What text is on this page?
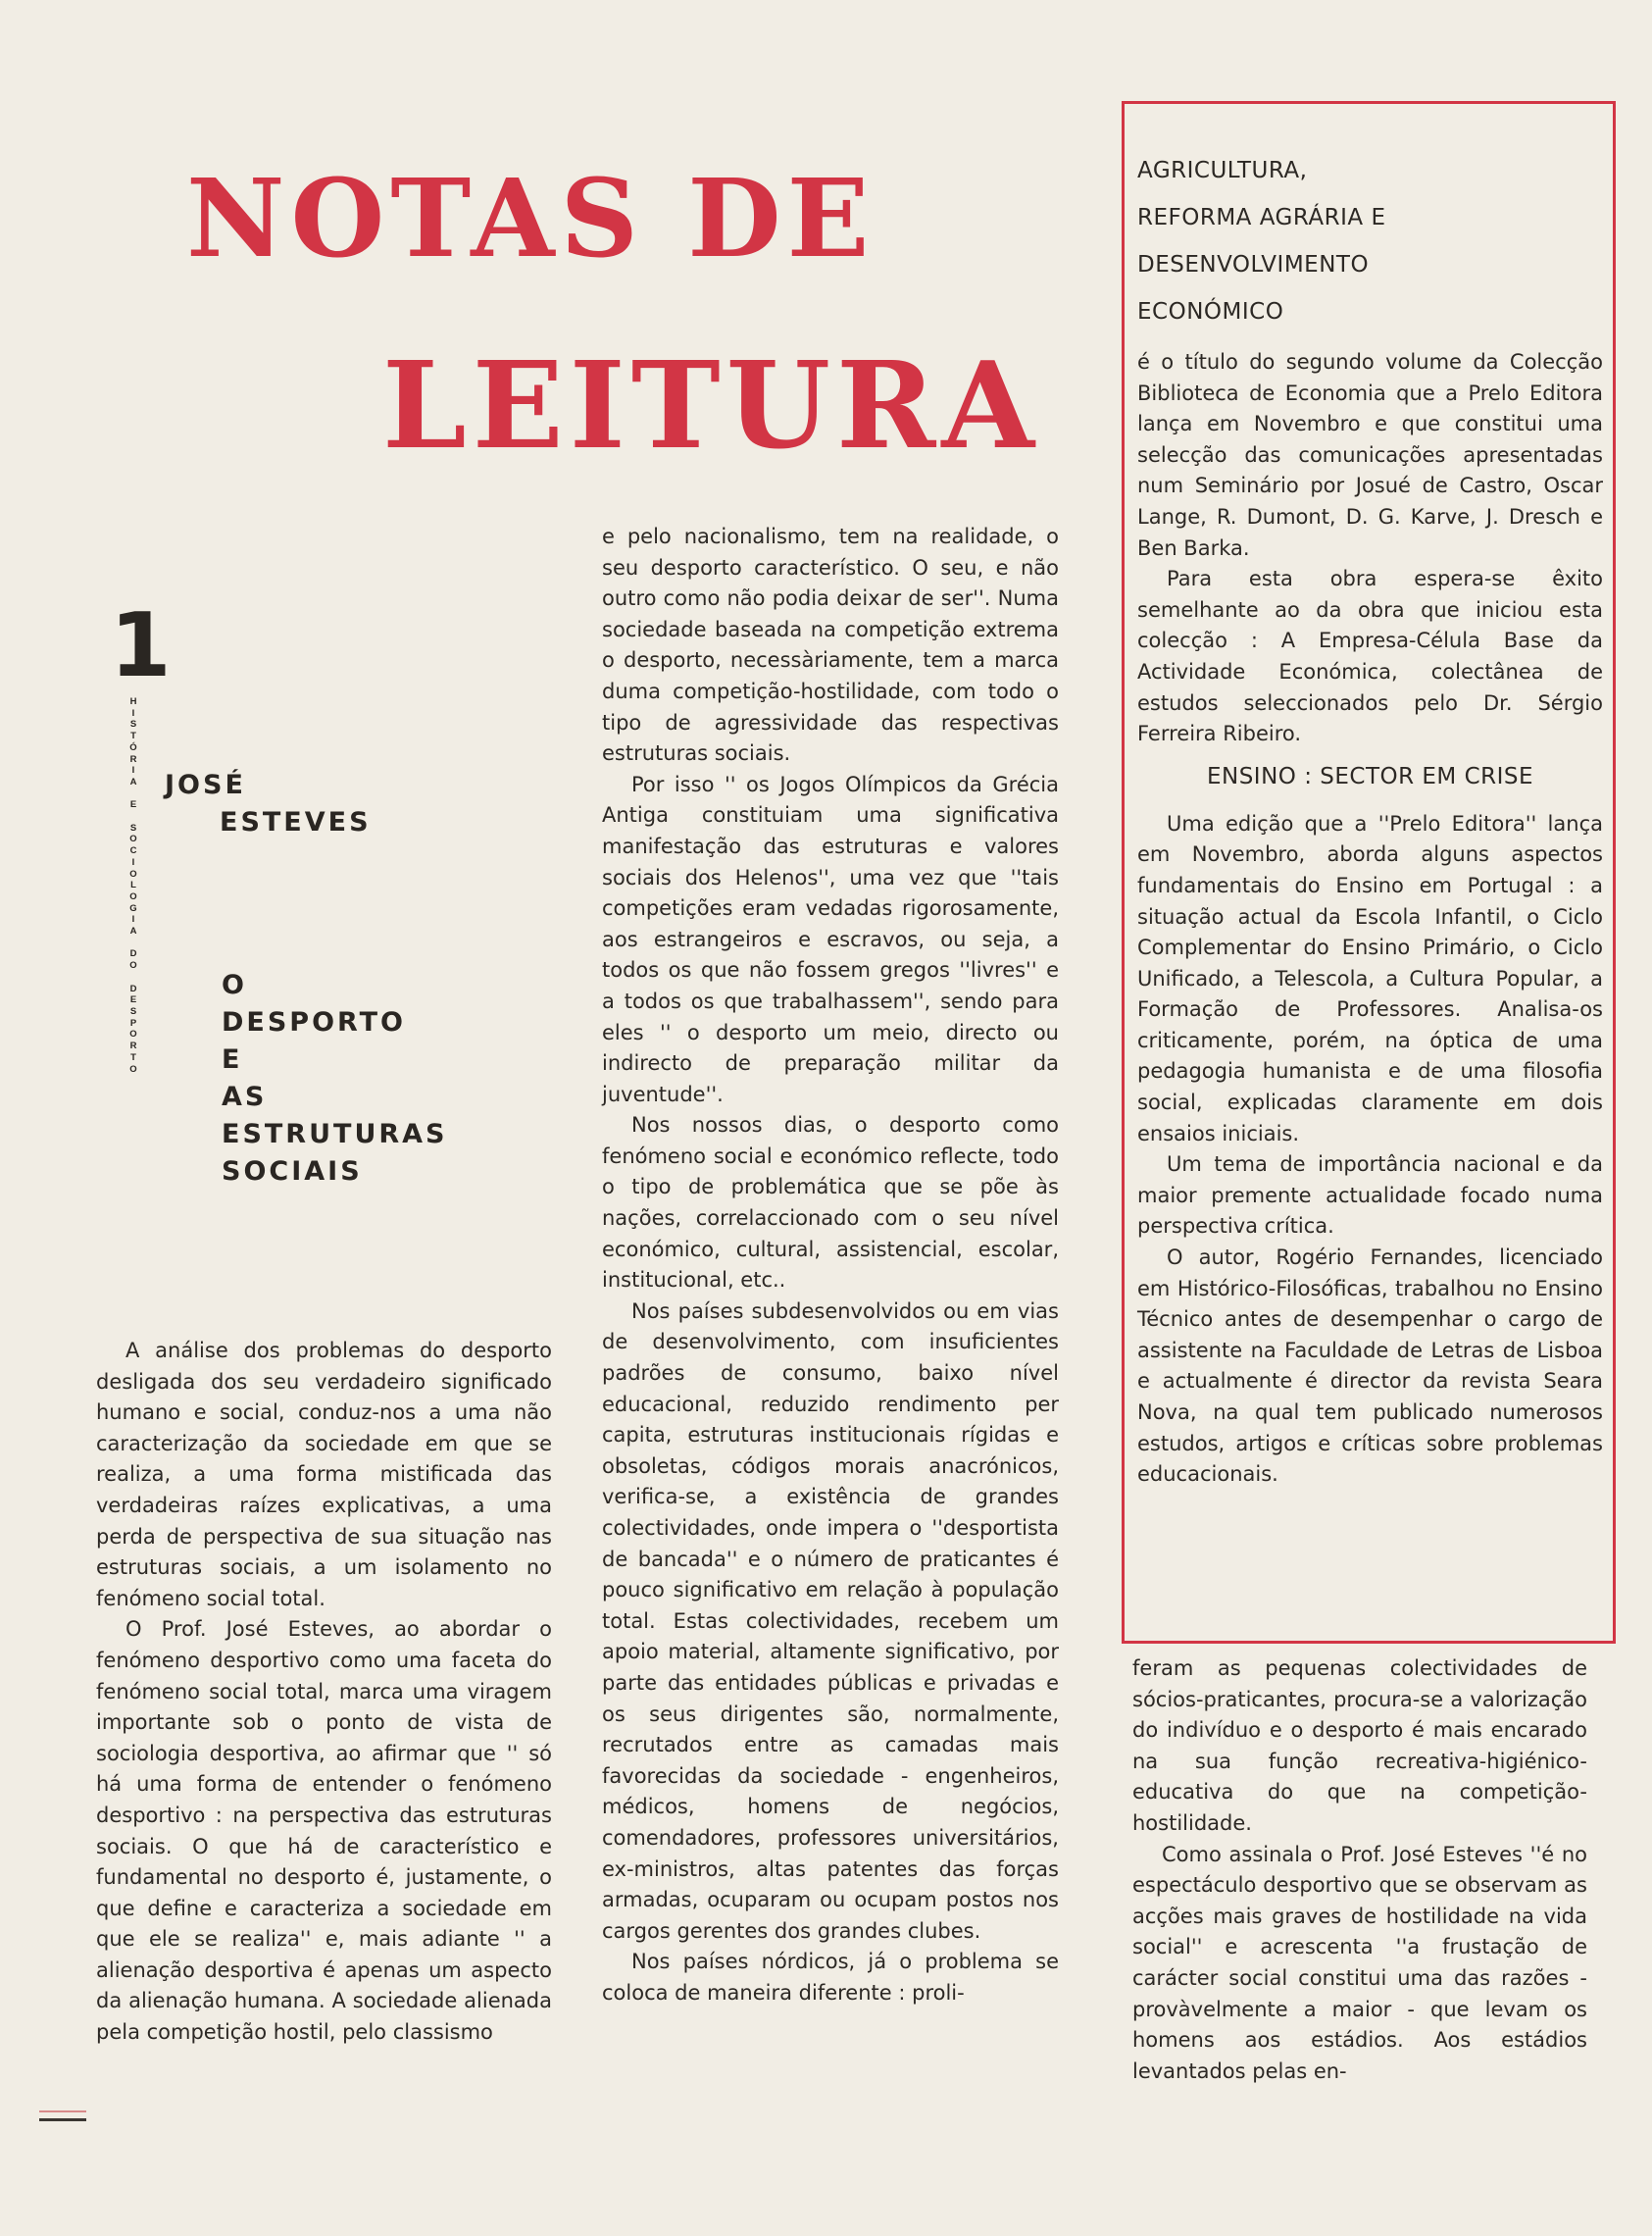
NOTAS DE
LEITURA
1
H
I
S
T
Ó
R
I
A

E

S
O
C
I
O
L
O
G
I
A

D
O

D
E
S
P
O
R
T
O
JOSÉ
ESTEVES
O
DESPORTO
E
AS
ESTRUTURAS
SOCIAIS

A análise dos problemas do desporto desligada dos seu verdadeiro significado humano e social, conduz-nos a uma não caracterização da sociedade em que se realiza, a uma forma mistificada das verdadeiras raízes explicativas, a uma perda de perspectiva de sua situação nas estruturas sociais, a um isolamento no fenómeno social total.

O Prof. José Esteves, ao abordar o fenómeno desportivo como uma faceta do fenómeno social total, marca uma viragem importante sob o ponto de vista de sociologia desportiva, ao afirmar que '' só há uma forma de entender o fenómeno desportivo : na perspectiva das estruturas sociais. O que há de característico e fundamental no desporto é, justamente, o que define e caracteriza a sociedade em que ele se realiza'' e, mais adiante '' a alienação desportiva é apenas um aspecto da alienação humana. A sociedade alienada pela competição hostil, pelo classismo

e pelo nacionalismo, tem na realidade, o seu desporto característico. O seu, e não outro como não podia deixar de ser''. Numa sociedade baseada na competição extrema o desporto, necessàriamente, tem a marca duma competição-hostilidade, com todo o tipo de agressividade das respectivas estruturas sociais.

Por isso '' os Jogos Olímpicos da Grécia Antiga constituiam uma significativa manifestação das estruturas e valores sociais dos Helenos'', uma vez que ''tais competições eram vedadas rigorosamente, aos estrangeiros e escravos, ou seja, a todos os que não fossem gregos ''livres'' e a todos os que trabalhassem'', sendo para eles '' o desporto um meio, directo ou indirecto de preparação militar da juventude''.

Nos nossos dias, o desporto como fenómeno social e económico reflecte, todo o tipo de problemática que se põe às nações, correlaccionado com o seu nível económico, cultural, assistencial, escolar, institucional, etc..

Nos países subdesenvolvidos ou em vias de desenvolvimento, com insuficientes padrões de consumo, baixo nível educacional, reduzido rendimento per capita, estruturas institucionais rígidas e obsoletas, códigos morais anacrónicos, verifica-se, a existência de grandes colectividades, onde impera o ''desportista de bancada'' e o número de praticantes é pouco significativo em relação à população total. Estas colectividades, recebem um apoio material, altamente significativo, por parte das entidades públicas e privadas e os seus dirigentes são, normalmente, recrutados entre as camadas mais favorecidas da sociedade - engenheiros, médicos, homens de negócios, comendadores, professores universitários, ex-ministros, altas patentes das forças armadas, ocuparam ou ocupam postos nos cargos gerentes dos grandes clubes.

Nos países nórdicos, já o problema se coloca de maneira diferente : proli-

AGRICULTURA,
REFORMA AGRÁRIA E
DESENVOLVIMENTO
ECONÓMICO

é o título do segundo volume da Colecção Biblioteca de Economia que a Prelo Editora lança em Novembro e que constitui uma selecção das comunicações apresentadas num Seminário por Josué de Castro, Oscar Lange, R. Dumont, D. G. Karve, J. Dresch e Ben Barka.

Para esta obra espera-se êxito semelhante ao da obra que iniciou esta colecção : A Empresa-Célula Base da Actividade Económica, colectânea de estudos seleccionados pelo Dr. Sérgio Ferreira Ribeiro.

ENSINO : SECTOR EM CRISE

Uma edição que a ''Prelo Editora'' lança em Novembro, aborda alguns aspectos fundamentais do Ensino em Portugal : a situação actual da Escola Infantil, o Ciclo Complementar do Ensino Primário, o Ciclo Unificado, a Telescola, a Cultura Popular, a Formação de Professores. Analisa-os criticamente, porém, na óptica de uma pedagogia humanista e de uma filosofia social, explicadas claramente em dois ensaios iniciais.

Um tema de importância nacional e da maior premente actualidade focado numa perspectiva crítica.

O autor, Rogério Fernandes, licenciado em Histórico-Filosóficas, trabalhou no Ensino Técnico antes de desempenhar o cargo de assistente na Faculdade de Letras de Lisboa e actualmente é director da revista Seara Nova, na qual tem publicado numerosos estudos, artigos e críticas sobre problemas educacionais.

feram as pequenas colectividades de sócios-praticantes, procura-se a valorização do indivíduo e o desporto é mais encarado na sua função recreativa-higiénico-educativa do que na competição-hostilidade.

Como assinala o Prof. José Esteves ''é no espectáculo desportivo que se observam as acções mais graves de hostilidade na vida social'' e acrescenta ''a frustação de carácter social constitui uma das razões - provàvelmente a maior - que levam os homens aos estádios. Aos estádios levantados pelas en-
